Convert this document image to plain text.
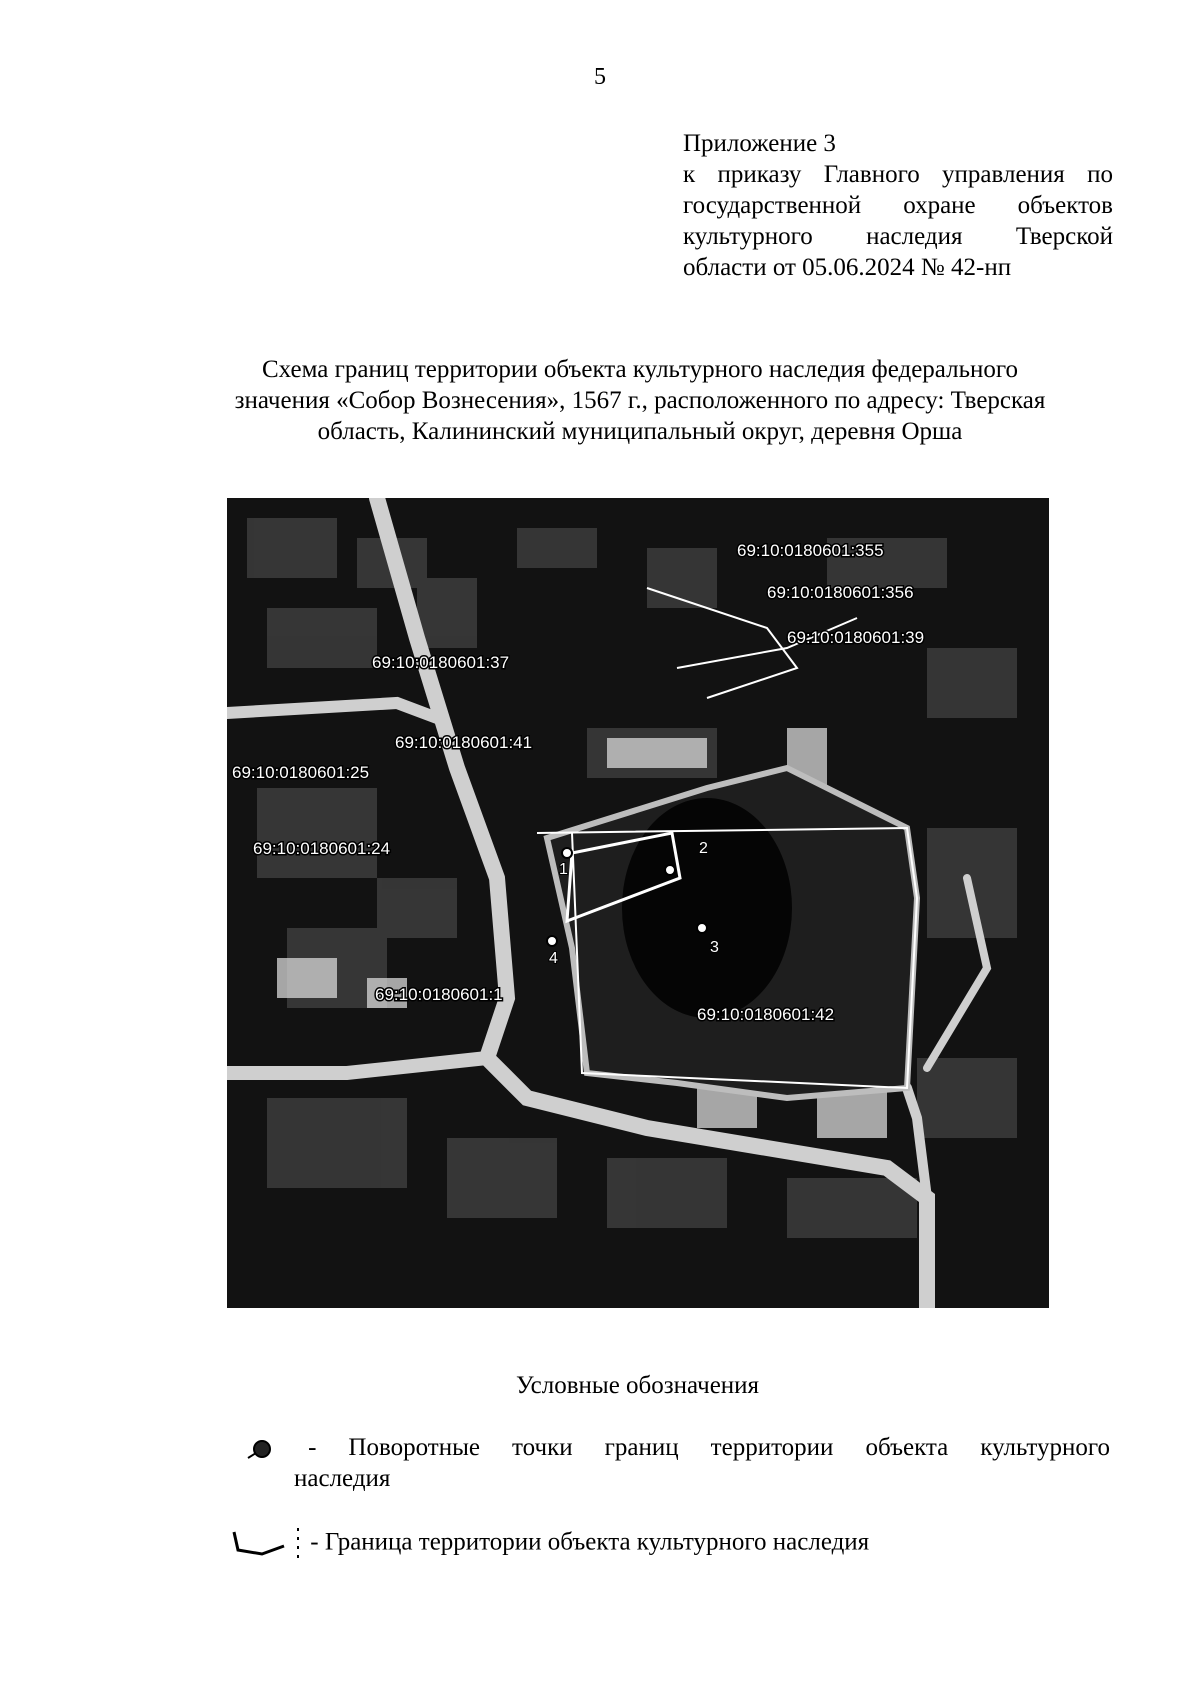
5
Приложение 3
к приказу Главного управления по
государственной охране объектов
культурного наследия Тверской
области от 05.06.2024 № 42-нп
Схема границ территории объекта культурного наследия федерального
значения «Собор Вознесения», 1567 г., расположенного по адресу: Тверская
область, Калининский муниципальный округ, деревня Орша
1
2
3
4
69:10:0180601:355
69:10:0180601:356
69:10:0180601:39
69:10:0180601:37
69:10:0180601:41
69:10:0180601:25
69:10:0180601:24
69:10:0180601:1
69:10:0180601:42
Условные обозначения
- Поворотные точки границ территории объекта культурного
наследия
- Граница территории объекта культурного наследия
